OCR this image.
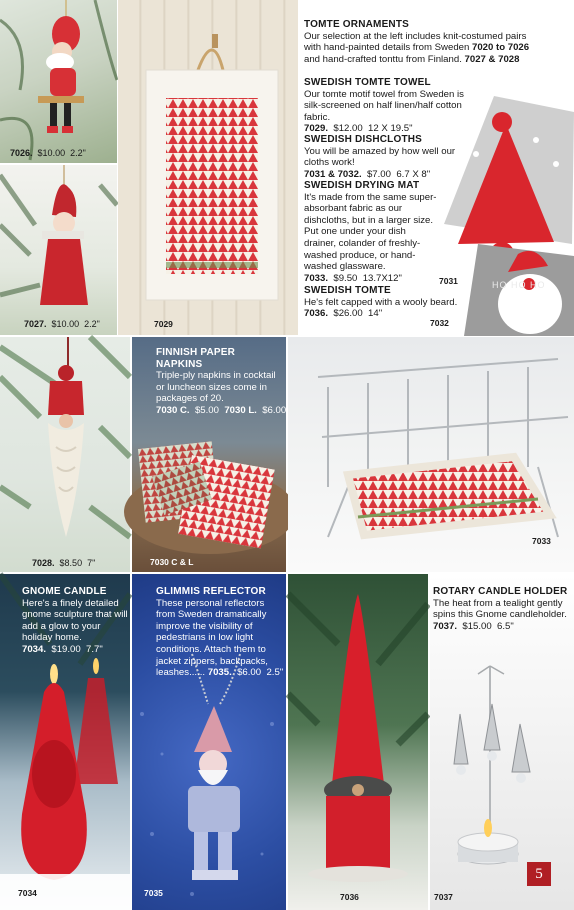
7026. $10.00 2.2"
7027. $10.00 2.2"	7029
TOMTE ORNAMENTS
Our selection at the left includes knit-costumed pairs with hand-painted details from Sweden 7020 to 7026 and hand-crafted tonttu from Finland. 7027 & 7028
SWEDISH TOMTE TOWEL
Our tomte motif towel from Sweden is silk-screened on half linen/half cotton fabric.
7029. $12.00 12 X 19.5"
SWEDISH DISHCLOTHS
You will be amazed by how well our cloths work!
7031 & 7032. $7.00 6.7 X 8"
HO HO HO
7031
7032
SWEDISH DRYING MAT
It's made from the same super-absorbant fabric as our dishcloths, but in a larger size. Put one under your dish drainer, colander of freshly-washed produce, or hand-washed glassware.
7033. $9.50 13.7X12"
SWEDISH TOMTE
He's felt capped with a wooly beard.
7036. $26.00 14"
7028. $8.50 7"
FINNISH PAPER NAPKINS
Triple-ply napkins in cocktail or luncheon sizes come in packages of 20.
7030 C. $5.00 7030 L. $6.00
7030 C & L
7033
GNOME CANDLE
Here's a finely detailed gnome sculpture that will add a glow to your holiday home.
7034. $19.00 7.7"
7034
GLIMMIS REFLECTOR
These personal reflectors from Sweden dramatically improve the visibility of pedestrians in low light conditions. Attach them to jacket zippers, backpacks, leashes...... 7035. $6.00 2.5"
7035	7036
ROTARY CANDLE HOLDER
The heat from a tealight gently spins this Gnome candleholder.
7037. $15.00 6.5"
7037
5
